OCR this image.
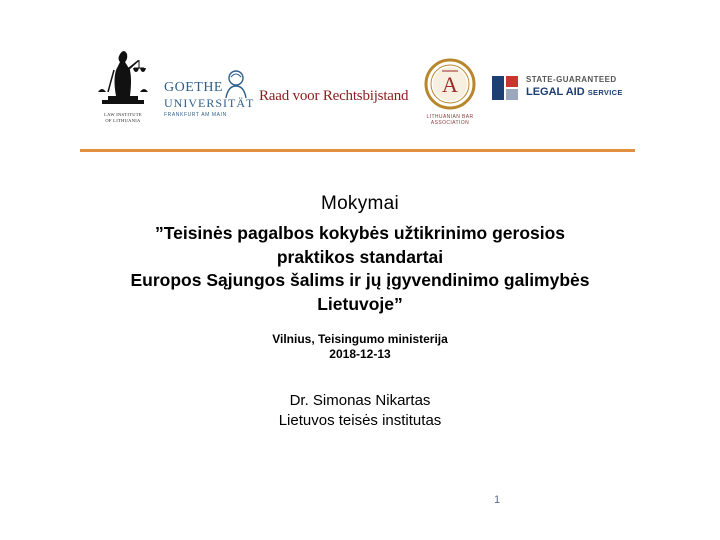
LAW INSTITUTE
OF LITHUANIA
GOETHE
UNIVERSITÄT
FRANKFURT AM MAIN
Raad voor Rechtsbijstand A
LITHUANIAN BAR
ASSOCIATION
STATE-GUARANTEED
LEGAL AID SERVICE
Mokymai
”Teisinės pagalbos kokybės užtikrinimo gerosios
praktikos standartai
Europos Sąjungos šalims ir jų įgyvendinimo galimybės
Lietuvoje”
Vilnius, Teisingumo ministerija
2018-12-13
Dr. Simonas Nikartas
Lietuvos teisės institutas
1
